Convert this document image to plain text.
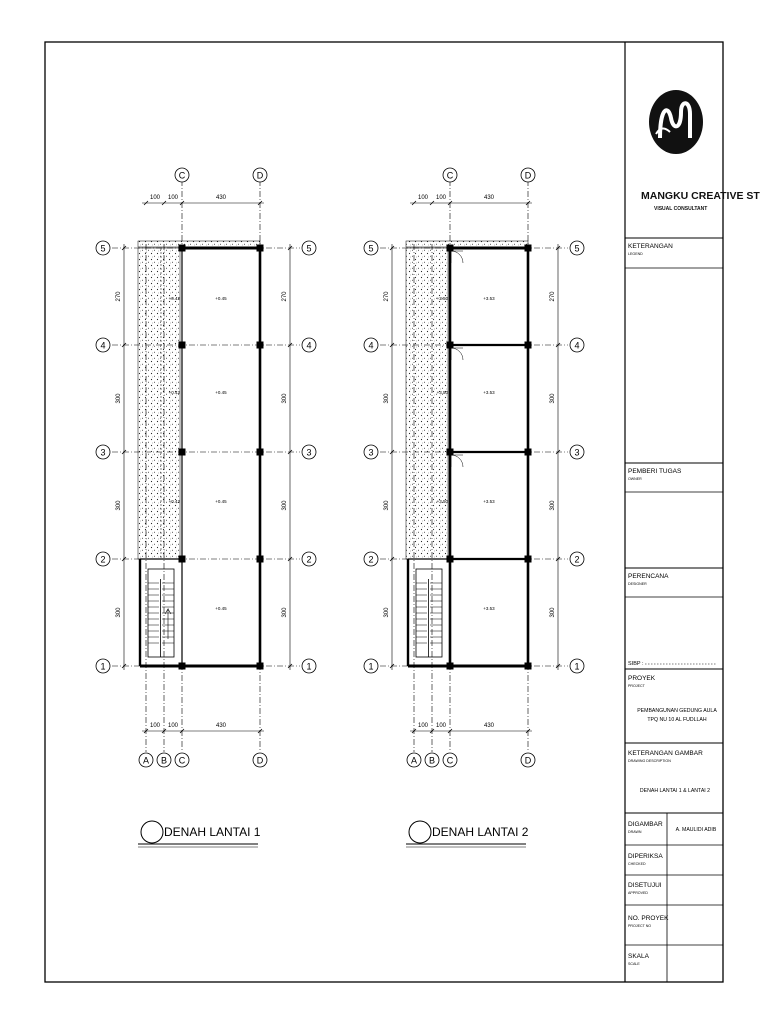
MANGKU CREATIVE ST
VISUAL CONSULTANT
KETERANGAN
LEGEND
PEMBERI TUGAS
OWNER
PERENCANA
DESIGNER
SIBP :
PROYEK
PROJECT
PEMBANGUNAN GEDUNG AULA
TPQ NU 10 AL FUDLLAH
KETERANGAN GAMBAR
DRAWING DESCRIPTION
DENAH LANTAI 1 & LANTAI 2
DIGAMBAR
DRAWN	A. MAULIDI ADIB
DIPERIKSA
CHECKED
DISETUJUI
APPROVED
NO. PROYEK
PROJECT NO
SKALA
SCALE
DENAH LANTAI 1
+0.42
+0.42
+0.42
+0.45
+0.45
+0.45
+0.45
5	5
4	4
3	3
2	2
1	1
C	D
A B C	D
100 100	430
100 100	430
270
300
300
300
270
300
300
300
DENAH LANTAI 2
+3.50
+3.50
+3.50
+3.53
+3.53
+3.53
+3.53
5	5
4	4
3	3
2	2
1	1
C	D
A B C	D
100 100	430
100 100	430
270
300
300
300
270
300
300
300
